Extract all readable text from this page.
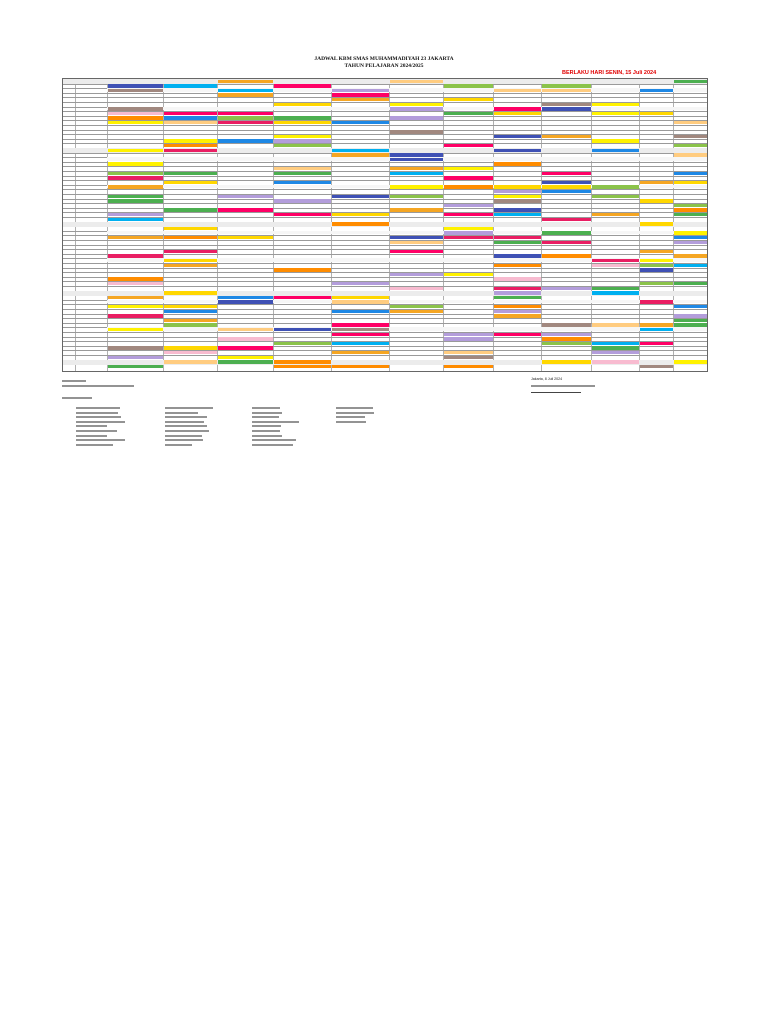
JADWAL KBM SMAS MUHAMMADIYAH 23 JAKARTA
TAHUN PELAJARAN 2024/2025
BERLAKU HARI SENIN, 15 Juli 2024
Jakarta, 8 Juli 2024
